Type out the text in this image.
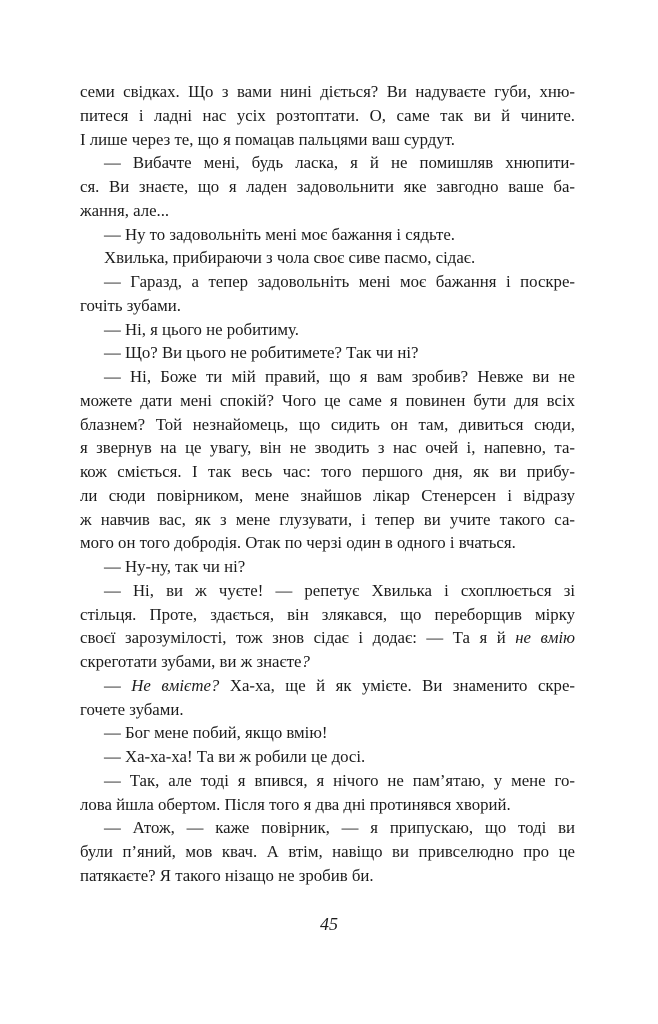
семи свідках. Що з вами нині діється? Ви надуваєте губи, хню-
питеся і ладні нас усіх розтоптати. О, саме так ви й чините.
І лише через те, що я помацав пальцями ваш сурдут.
— Вибачте мені, будь ласка, я й не помишляв хнюпити-
ся. Ви знаєте, що я ладен задовольнити яке завгодно ваше ба-
жання, але...
— Ну то задовольніть мені моє бажання і сядьте.
Хвилька, прибираючи з чола своє сиве пасмо, сідає.
— Гаразд, а тепер задовольніть мені моє бажання і поскре-
гочіть зубами.
— Ні, я цього не робитиму.
— Що? Ви цього не робитимете? Так чи ні?
— Ні, Боже ти мій правий, що я вам зробив? Невже ви не
можете дати мені спокій? Чого це саме я повинен бути для всіх
блазнем? Той незнайомець, що сидить он там, дивиться сюди,
я звернув на це увагу, він не зводить з нас очей і, напевно, та-
кож сміється. І так весь час: того першого дня, як ви прибу-
ли сюди повірником, мене знайшов лікар Стенерсен і відразу
ж навчив вас, як з мене глузувати, і тепер ви учите такого са-
мого он того добродія. Отак по черзі один в одного і вчаться.
— Ну-ну, так чи ні?
— Ні, ви ж чуєте! — репетує Хвилька і схоплюється зі
стільця. Проте, здається, він злякався, що переборщив мірку
своєї зарозумілості, тож знов сідає і додає: — Та я й не вмію
скреготати зубами, ви ж знаєте?
— Не вмієте? Ха-ха, ще й як умієте. Ви знаменито скре-
гочете зубами.
— Бог мене побий, якщо вмію!
— Ха-ха-ха! Та ви ж робили це досі.
— Так, але тоді я впився, я нічого не пам’ятаю, у мене го-
лова йшла обертом. Після того я два дні протинявся хворий.
— Атож, — каже повірник, — я припускаю, що тоді ви
були п’яний, мов квач. А втім, навіщо ви привселюдно про це
патякаєте? Я такого нізащо не зробив би.
45
